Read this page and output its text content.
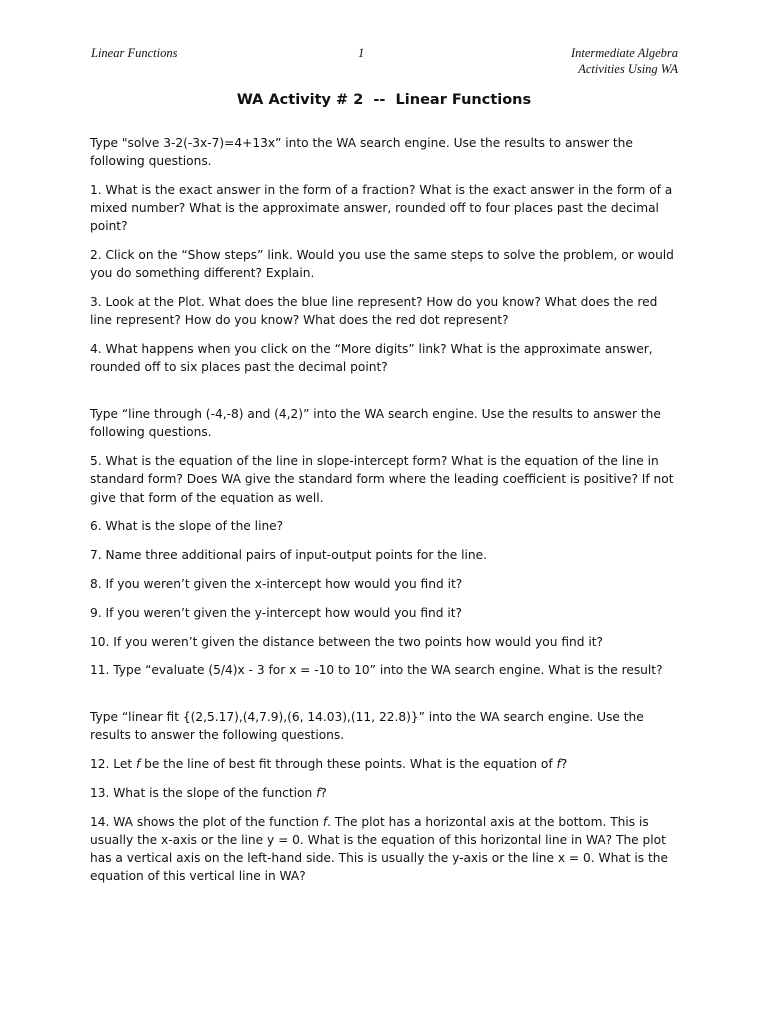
Linear Functions	1	Intermediate Algebra
Activities Using WA
WA Activity # 2  --  Linear Functions

Type "solve 3-2(-3x-7)=4+13x” into the WA search engine. Use the results to answer the following questions.

1. What is the exact answer in the form of a fraction? What is the exact answer in the form of a mixed number? What is the approximate answer, rounded off to four places past the decimal point?

2. Click on the “Show steps” link. Would you use the same steps to solve the problem, or would you do something different? Explain.

3. Look at the Plot. What does the blue line represent? How do you know? What does the red line represent? How do you know? What does the red dot represent?

4. What happens when you click on the “More digits” link? What is the approximate answer, rounded off to six places past the decimal point?

Type “line through (-4,-8) and (4,2)” into the WA search engine. Use the results to answer the following questions.

5. What is the equation of the line in slope-intercept form? What is the equation of the line in standard form? Does WA give the standard form where the leading coefficient is positive? If not give that form of the equation as well.

6. What is the slope of the line?

7. Name three additional pairs of input-output points for the line.

8. If you weren’t given the x-intercept how would you find it?

9. If you weren’t given the y-intercept how would you find it?

10. If you weren’t given the distance between the two points how would you find it?

11. Type “evaluate (5/4)x - 3 for x = -10 to 10” into the WA search engine. What is the result?

Type “linear fit {(2,5.17),(4,7.9),(6, 14.03),(11, 22.8)}” into the WA search engine. Use the results to answer the following questions.

12. Let f be the line of best fit through these points. What is the equation of f?

13. What is the slope of the function f?

14. WA shows the plot of the function f. The plot has a horizontal axis at the bottom. This is usually the x-axis or the line y = 0. What is the equation of this horizontal line in WA? The plot has a vertical axis on the left-hand side. This is usually the y-axis or the line x = 0. What is the equation of this vertical line in WA?
